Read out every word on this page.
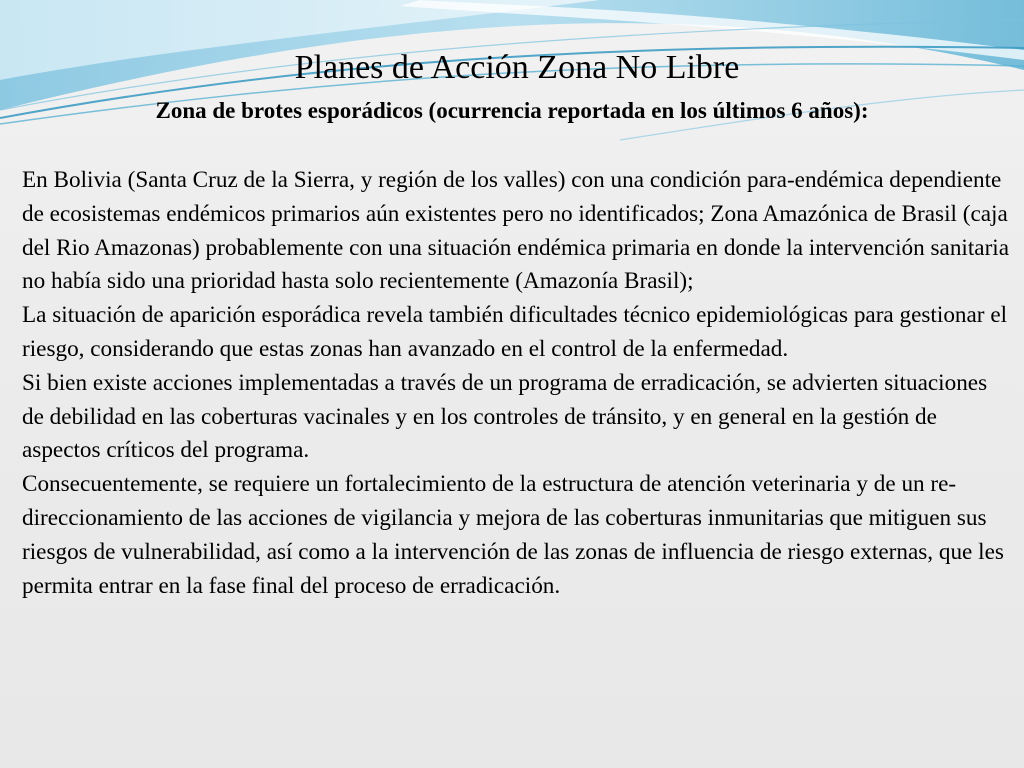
Planes de Acción Zona No Libre
Zona de brotes esporádicos (ocurrencia reportada en los últimos 6 años):
En Bolivia (Santa Cruz de la Sierra, y región de los valles) con una condición para-endémica dependiente de ecosistemas endémicos primarios aún existentes pero no identificados; Zona Amazónica de Brasil (caja del Rio Amazonas) probablemente con una situación endémica primaria en donde la intervención sanitaria no había sido una prioridad hasta solo recientemente (Amazonía Brasil);
La situación de aparición esporádica revela también dificultades técnico epidemiológicas para gestionar el riesgo, considerando que estas zonas han avanzado en el control de la enfermedad.
Si bien existe acciones implementadas a través de un programa de erradicación, se advierten situaciones de debilidad en las coberturas vacinales y en los controles de tránsito, y en general en la gestión de aspectos críticos del programa.
Consecuentemente, se requiere un fortalecimiento de la estructura de atención veterinaria y de un re-direccionamiento de las acciones de vigilancia y mejora de las coberturas inmunitarias que mitiguen sus riesgos de vulnerabilidad, así como a la intervención de las zonas de influencia de riesgo externas, que les permita entrar en la fase final del proceso de erradicación.
